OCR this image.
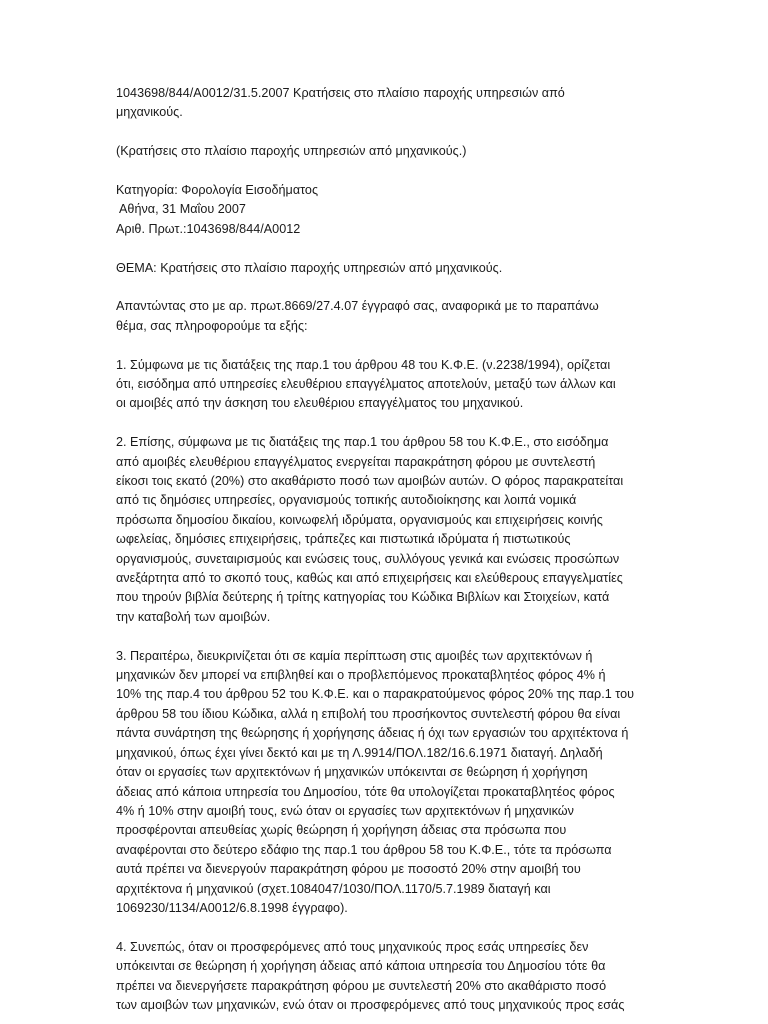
1043698/844/Α0012/31.5.2007 Κρατήσεις στο πλαίσιο παροχής υπηρεσιών από

μηχανικούς.

(Κρατήσεις στο πλαίσιο παροχής υπηρεσιών από μηχανικούς.)

Κατηγορία: Φορολογία Εισοδήματος

Αθήνα, 31 Μαΐου 2007

Αριθ. Πρωτ.:1043698/844/Α0012

ΘΕΜΑ: Κρατήσεις στο πλαίσιο παροχής υπηρεσιών από μηχανικούς.

Απαντώντας στο με αρ. πρωτ.8669/27.4.07 έγγραφό σας, αναφορικά με το παραπάνω

θέμα, σας πληροφορούμε τα εξής:

1. Σύμφωνα με τις διατάξεις της παρ.1 του άρθρου 48 του Κ.Φ.Ε. (ν.2238/1994), ορίζεται

ότι, εισόδημα από υπηρεσίες ελευθέριου επαγγέλματος αποτελούν, μεταξύ των άλλων και

οι αμοιβές από την άσκηση του ελευθέριου επαγγέλματος του μηχανικού.

2. Επίσης, σύμφωνα με τις διατάξεις της παρ.1 του άρθρου 58 του Κ.Φ.Ε., στο εισόδημα

από αμοιβές ελευθέριου επαγγέλματος ενεργείται παρακράτηση φόρου με συντελεστή

είκοσι τοις εκατό (20%) στο ακαθάριστο ποσό των αμοιβών αυτών. Ο φόρος παρακρατείται

από τις δημόσιες υπηρεσίες, οργανισμούς τοπικής αυτοδιοίκησης και λοιπά νομικά

πρόσωπα δημοσίου δικαίου, κοινωφελή ιδρύματα, οργανισμούς και επιχειρήσεις κοινής

ωφελείας, δημόσιες επιχειρήσεις, τράπεζες και πιστωτικά ιδρύματα ή πιστωτικούς

οργανισμούς, συνεταιρισμούς και ενώσεις τους, συλλόγους γενικά και ενώσεις προσώπων

ανεξάρτητα από το σκοπό τους, καθώς και από επιχειρήσεις και ελεύθερους επαγγελματίες

που τηρούν βιβλία δεύτερης ή τρίτης κατηγορίας του Κώδικα Βιβλίων και Στοιχείων, κατά

την καταβολή των αμοιβών.

3. Περαιτέρω, διευκρινίζεται ότι σε καμία περίπτωση στις αμοιβές των αρχιτεκτόνων ή

μηχανικών δεν μπορεί να επιβληθεί και ο προβλεπόμενος προκαταβλητέος φόρος 4% ή

10% της παρ.4 του άρθρου 52 του Κ.Φ.Ε. και ο παρακρατούμενος φόρος 20% της παρ.1 του

άρθρου 58 του ίδιου Κώδικα, αλλά η επιβολή του προσήκοντος συντελεστή φόρου θα είναι

πάντα συνάρτηση της θεώρησης ή χορήγησης άδειας ή όχι των εργασιών του αρχιτέκτονα ή

μηχανικού, όπως έχει γίνει δεκτό και με τη Λ.9914/ΠΟΛ.182/16.6.1971 διαταγή. Δηλαδή

όταν οι εργασίες των αρχιτεκτόνων ή μηχανικών υπόκεινται σε θεώρηση ή χορήγηση

άδειας από κάποια υπηρεσία του Δημοσίου, τότε θα υπολογίζεται προκαταβλητέος φόρος

4% ή 10% στην αμοιβή τους, ενώ όταν οι εργασίες των αρχιτεκτόνων ή μηχανικών

προσφέρονται απευθείας χωρίς θεώρηση ή χορήγηση άδειας στα πρόσωπα που

αναφέρονται στο δεύτερο εδάφιο της παρ.1 του άρθρου 58 του Κ.Φ.Ε., τότε τα πρόσωπα

αυτά πρέπει να διενεργούν παρακράτηση φόρου με ποσοστό 20% στην αμοιβή του

αρχιτέκτονα ή μηχανικού (σχετ.1084047/1030/ΠΟΛ.1170/5.7.1989 διαταγή και

1069230/1134/Α0012/6.8.1998 έγγραφο).

4. Συνεπώς, όταν οι προσφερόμενες από τους μηχανικούς προς εσάς υπηρεσίες δεν

υπόκεινται σε θεώρηση ή χορήγηση άδειας από κάποια υπηρεσία του Δημοσίου τότε θα

πρέπει να διενεργήσετε παρακράτηση φόρου με συντελεστή 20% στο ακαθάριστο ποσό

των αμοιβών των μηχανικών, ενώ όταν οι προσφερόμενες από τους μηχανικούς προς εσάς
